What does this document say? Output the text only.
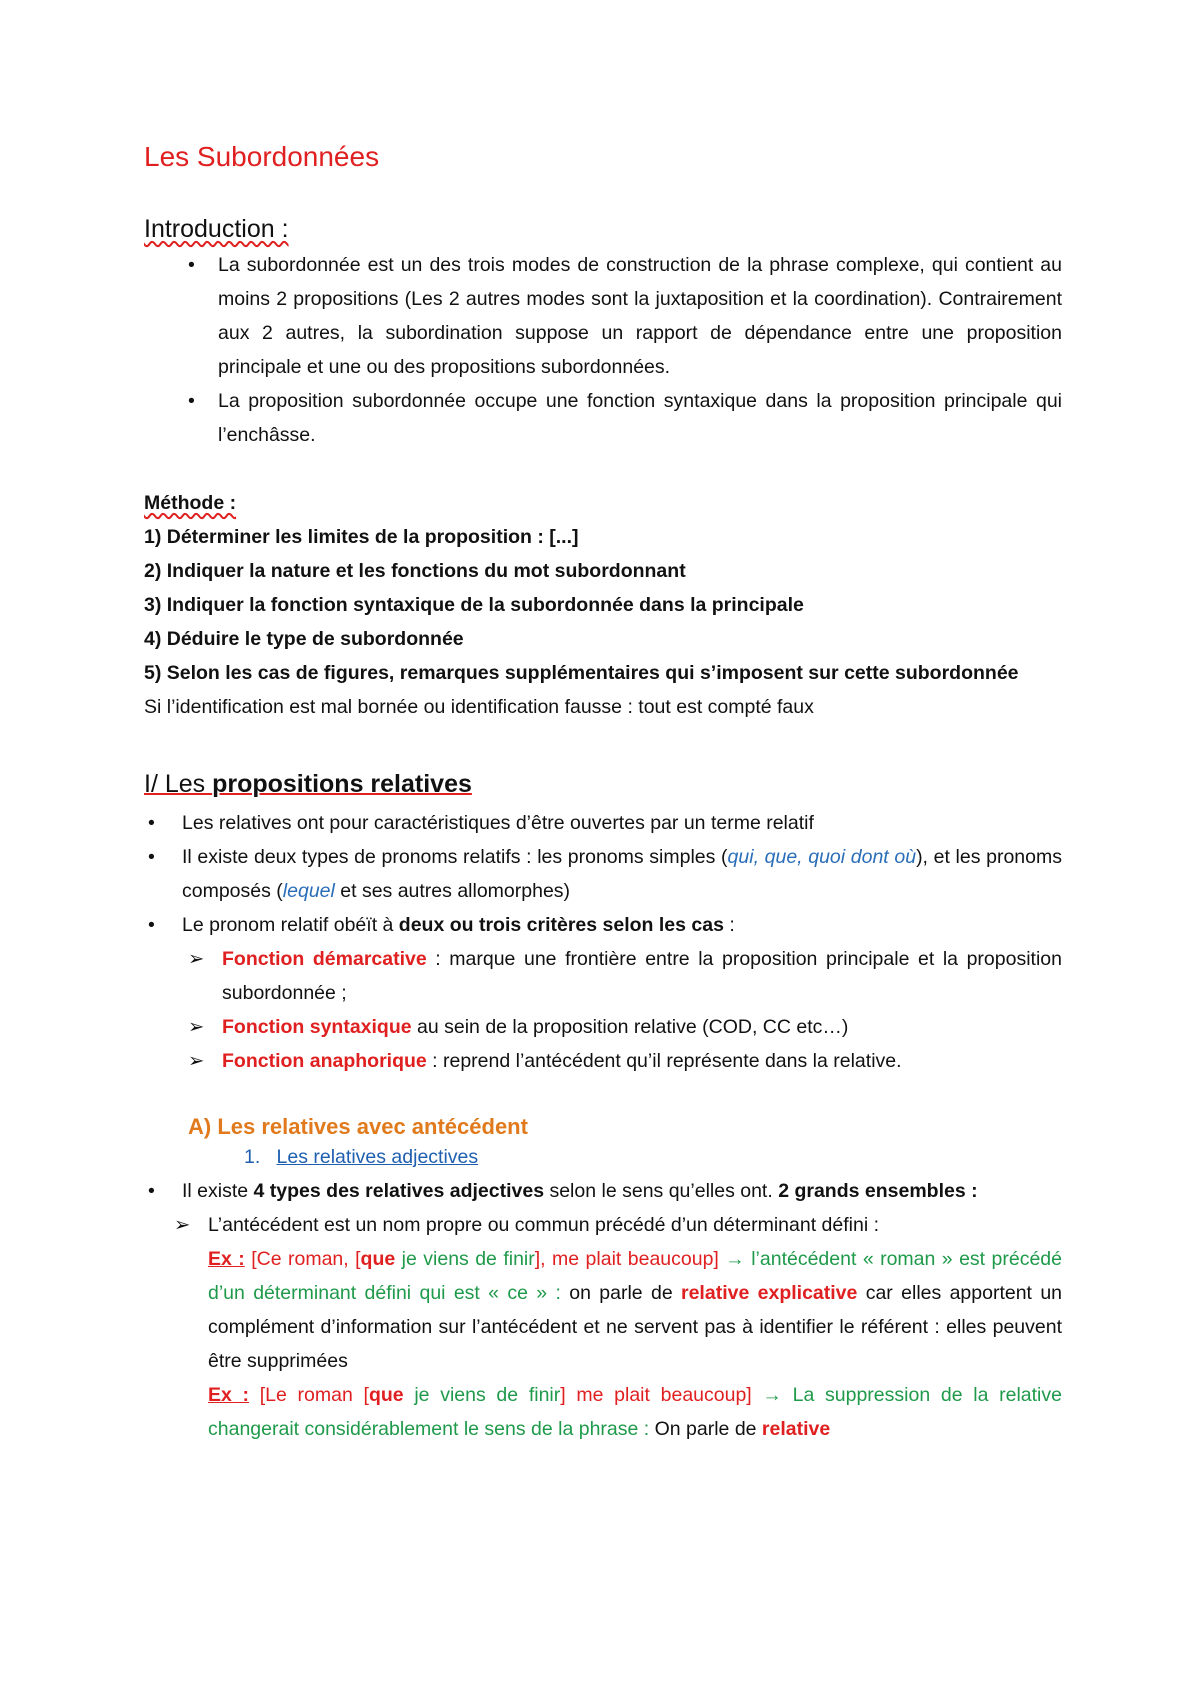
Les Subordonnées
Introduction :
• La subordonnée est un des trois modes de construction de la phrase complexe, qui contient au moins 2 propositions (Les 2 autres modes sont la juxtaposition et la coordination). Contrairement aux 2 autres, la subordination suppose un rapport de dépendance entre une proposition principale et une ou des propositions subordonnées.
• La proposition subordonnée occupe une fonction syntaxique dans la proposition principale qui l’enchâsse.
Méthode :
1) Déterminer les limites de la proposition : [...]
2) Indiquer la nature et les fonctions du mot subordonnant
3) Indiquer la fonction syntaxique de la subordonnée dans la principale
4) Déduire le type de subordonnée
5) Selon les cas de figures, remarques supplémentaires qui s’imposent sur cette subordonnée
Si l’identification est mal bornée ou identification fausse : tout est compté faux
I/ Les propositions relatives
• Les relatives ont pour caractéristiques d’être ouvertes par un terme relatif
• Il existe deux types de pronoms relatifs : les pronoms simples (qui, que, quoi dont où), et les pronoms composés (lequel et ses autres allomorphes)
• Le pronom relatif obéït à deux ou trois critères selon les cas :
➢ Fonction démarcative : marque une frontière entre la proposition principale et la proposition subordonnée ;
➢ Fonction syntaxique au sein de la proposition relative (COD, CC etc…)
➢ Fonction anaphorique : reprend l’antécédent qu’il représente dans la relative.
A) Les relatives avec antécédent
1. Les relatives adjectives
• Il existe 4 types des relatives adjectives selon le sens qu’elles ont. 2 grands ensembles :
➢ L’antécédent est un nom propre ou commun précédé d’un déterminant défini :
Ex : [Ce roman, [que je viens de finir], me plait beaucoup] → l’antécédent « roman » est précédé d’un déterminant défini qui est « ce » : on parle de relative explicative car elles apportent un complément d’information sur l’antécédent et ne servent pas à identifier le référent : elles peuvent être supprimées
Ex : [Le roman [que je viens de finir] me plait beaucoup] → La suppression de la relative changerait considérablement le sens de la phrase : On parle de relative
